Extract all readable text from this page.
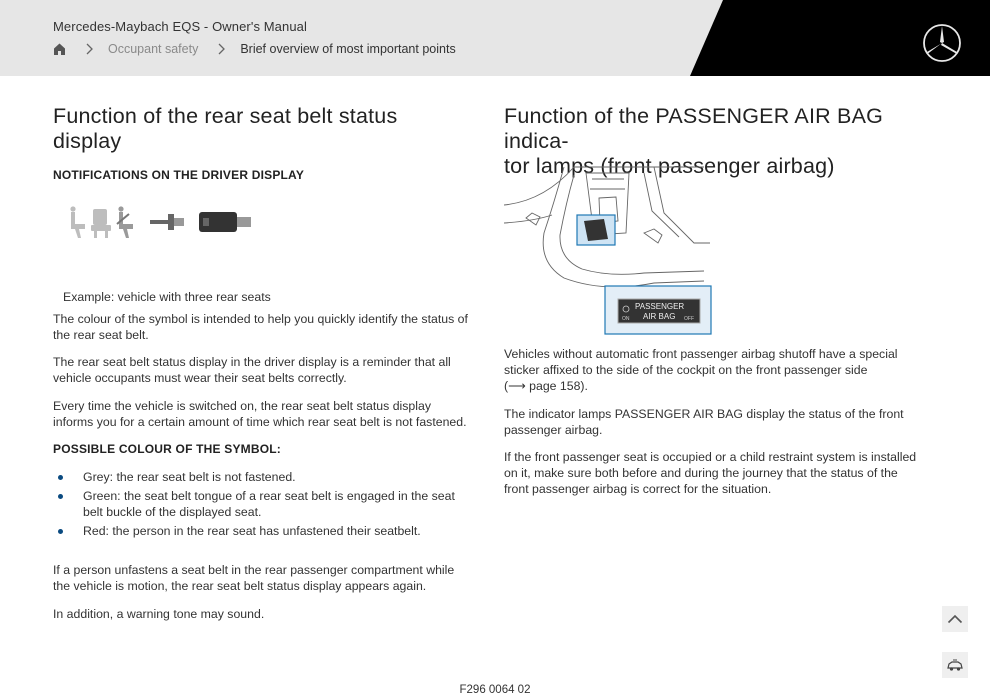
Mercedes-Maybach EQS - Owner's Manual
Occupant safety	Brief overview of most important points
Function of the rear seat belt status display
NOTIFICATIONS ON THE DRIVER DISPLAY
Example: vehicle with three rear seats

The colour of the symbol is intended to help you quickly identify the status of the rear seat belt.

The rear seat belt status display in the driver display is a reminder that all vehicle occupants must wear their seat belts correctly.

Every time the vehicle is switched on, the rear seat belt status display informs you for a certain amount of time which rear seat belt is not fastened.

POSSIBLE COLOUR OF THE SYMBOL:
Grey: the rear seat belt is not fastened.
Green: the seat belt tongue of a rear seat belt is engaged in the seat belt buckle of the displayed seat.
Red: the person in the rear seat has unfastened their seatbelt.

If a person unfastens a seat belt in the rear passenger compartment while the vehicle is motion, the rear seat belt status display appears again.

In addition, a warning tone may sound.

Function of the PASSENGER AIR BAG indica-
tor lamps (front passenger airbag)
PASSENGER
AIR BAG
ON	OFF
Vehicles without automatic front passenger airbag shutoff have a special sticker affixed to the side of the cockpit on the front passenger side
(⟶ page 158).

The indicator lamps PASSENGER AIR BAG display the status of the front passenger airbag.

If the front passenger seat is occupied or a child restraint system is installed on it, make sure both before and during the journey that the status of the front passenger airbag is correct for the situation.

F296 0064 02
